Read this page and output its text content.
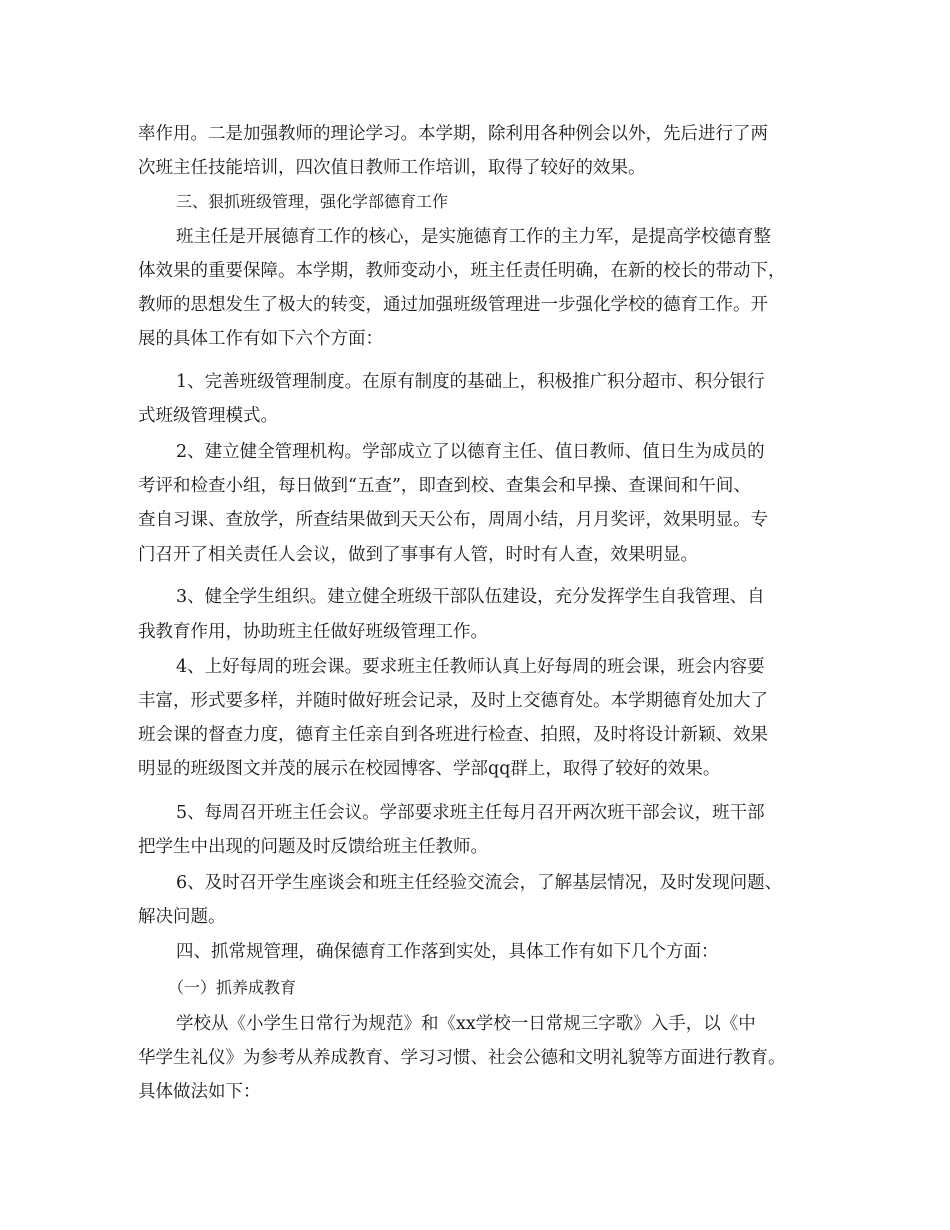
率作用。二是加强教师的理论学习。本学期，除利用各种例会以外，先后进行了两

次班主任技能培训，四次值日教师工作培训，取得了较好的效果。

三、狠抓班级管理，强化学部德育工作

班主任是开展德育工作的核心，是实施德育工作的主力军，是提高学校德育整

体效果的重要保障。本学期，教师变动小，班主任责任明确，在新的校长的带动下，

教师的思想发生了极大的转变，通过加强班级管理进一步强化学校的德育工作。开

展的具体工作有如下六个方面：

1、完善班级管理制度。在原有制度的基础上，积极推广积分超市、积分银行

式班级管理模式。

2、建立健全管理机构。学部成立了以德育主任、值日教师、值日生为成员的

考评和检查小组，每日做到“五查”，即查到校、查集会和早操、查课间和午间、

查自习课、查放学，所查结果做到天天公布，周周小结，月月奖评，效果明显。专

门召开了相关责任人会议，做到了事事有人管，时时有人查，效果明显。

3、健全学生组织。建立健全班级干部队伍建设，充分发挥学生自我管理、自

我教育作用，协助班主任做好班级管理工作。

4、上好每周的班会课。要求班主任教师认真上好每周的班会课，班会内容要

丰富，形式要多样，并随时做好班会记录，及时上交德育处。本学期德育处加大了

班会课的督查力度，德育主任亲自到各班进行检查、拍照，及时将设计新颖、效果

明显的班级图文并茂的展示在校园博客、学部qq群上，取得了较好的效果。

5、每周召开班主任会议。学部要求班主任每月召开两次班干部会议，班干部

把学生中出现的问题及时反馈给班主任教师。

6、及时召开学生座谈会和班主任经验交流会，了解基层情况，及时发现问题、

解决问题。

四、抓常规管理，确保德育工作落到实处，具体工作有如下几个方面：

（一）抓养成教育

学校从《小学生日常行为规范》和《xx学校一日常规三字歌》入手，以《中

华学生礼仪》为参考从养成教育、学习习惯、社会公德和文明礼貌等方面进行教育。

具体做法如下：
